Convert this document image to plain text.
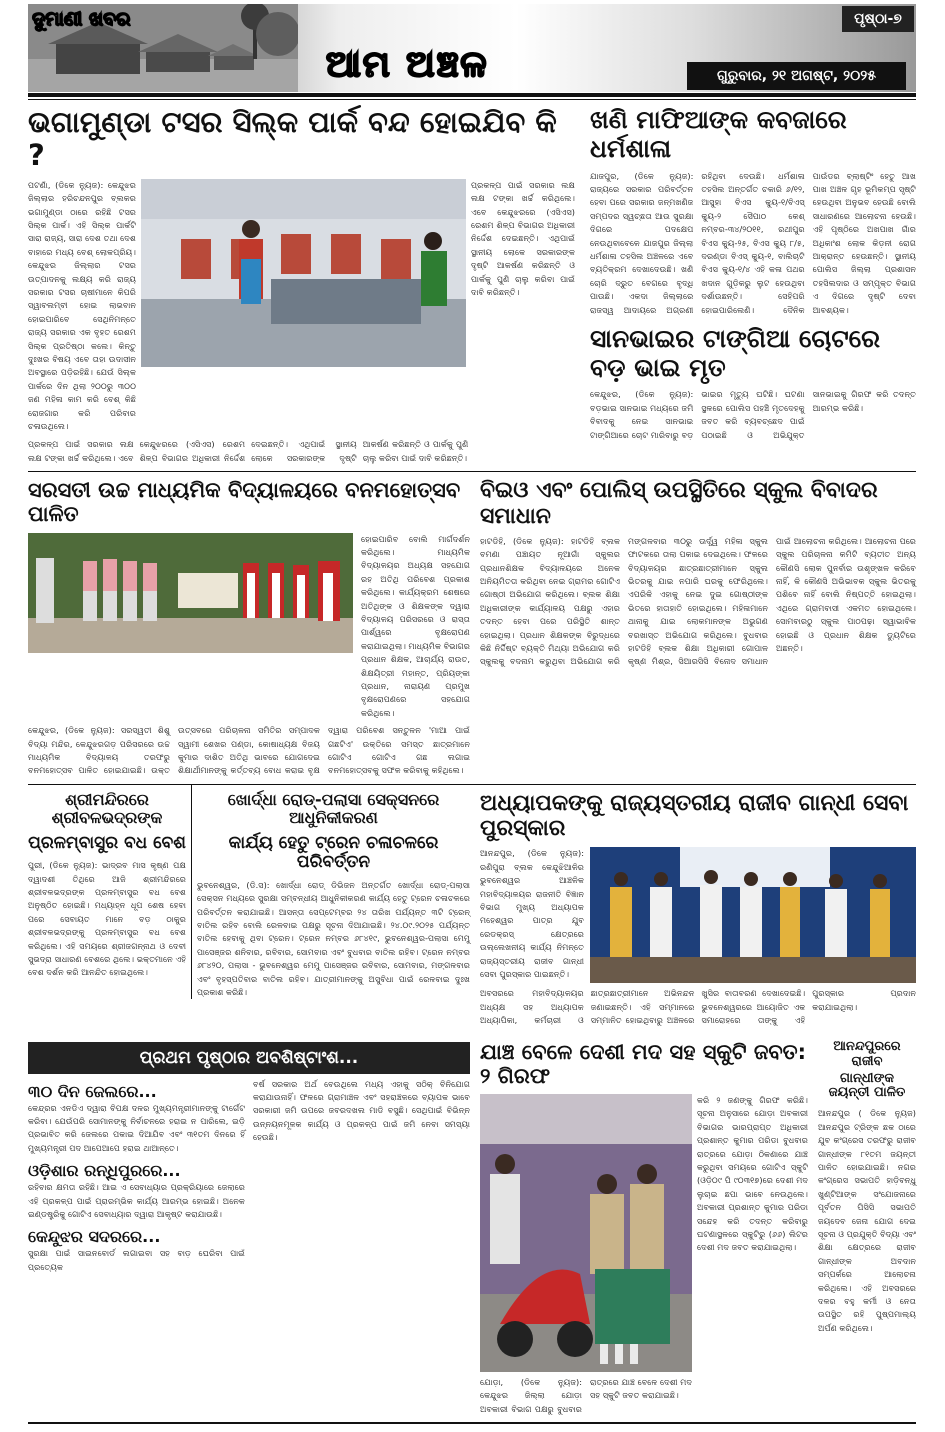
ଦୁମାଣୀ ଖବର
ଆମ ଅଞ୍ଚଳ
ପୃଷ୍ଠା-୭
ଗୁରୁବାର, ୨୧ ଅଗଷ୍ଟ, ୨୦୨୫
ଭଗାମୁଣ୍ଡା ଟସର ସିଲ୍କ ପାର୍କ ବନ୍ଦ ହୋଇଯିବ କି ?
ପଟଣାଁ, (ଡିକେ ନ୍ୟୁଜ): କେନ୍ଦୁଝର ଜିଲ୍ଲାର ହରିଚନ୍ଦନପୁର ବ୍ଲକର ଭଗାମୁଣ୍ଡା ଠାରେ ରହିଛି ଟସର ସିଲ୍କ ପାର୍କ। ଏହି ସିଲ୍କ ପାର୍କଟି ସାରା ରାଜ୍ୟ, ସାରା ଦେଶ ତଥା ଦେଶ ବାହାରେ ମଧ୍ୟ ବେଶ୍ ଲୋକପ୍ରିୟ। କେନ୍ଦୁଝର ଜିଲ୍ଲାର ଟସର ଉତ୍ପାଦନକୁ ଲକ୍ଷ୍ୟ କରି ରାଜ୍ୟ ସରକାର ଟସର ଚାଷୀମାନେ କିପରି ସ୍ୱାବଲମ୍ବୀ ହୋଇ ଲାଭବାନ ହୋଇପାରିବେ ସେଥିନିମନ୍ତେ ରାଜ୍ୟ ସରକାର ଏକ ବୃହତ ରେଶମ ସିଲ୍କ ପ୍ରତିଷ୍ଠା କଲେ। କିନ୍ତୁ ଦୁଃଖର ବିଷୟ ଏବେ ତାହା ଉଦାସୀନ ଅବସ୍ଥାରେ ପଡ଼ିରହିଛି। ଯେଉଁ ସିଲ୍କ ପାର୍କରେ ଦିନ ଥିଲା ୨୦୦ରୁ ୩୦୦ ଜଣ ମହିଳା କାମ କରି ବେଶ୍ କିଛି ରୋଜଗାର କରି ପରିବାର ଚଳାଉଥିଲେ।
ପ୍ରକଳ୍ପ ପାଇଁ ସରକାର ଲକ୍ଷ ଲକ୍ଷ ଟଙ୍କା ଖର୍ଚ୍ଚ କରିଥିଲେ। ଏବେ କେନ୍ଦୁଝରରେ (ଏସିଏସ) ରେଶମ ଶିଳ୍ପ ବିଭାଗର ଅଧିକାରୀ ନିର୍ଦ୍ଦେଶ ଦେଇଛନ୍ତି। ଏଥିପାଇଁ ସ୍ଥାନୀୟ ଲୋକେ ସରକାରଙ୍କ ଦୃଷ୍ଟି ଆକର୍ଷଣ କରିଛନ୍ତି ଓ ପାର୍କକୁ ପୁଣି ଚାଲୁ କରିବା ପାଇଁ ଦାବି କରିଛନ୍ତି।
ପ୍ରକଳ୍ପ ପାଇଁ ସରକାର ଲକ୍ଷ ଲକ୍ଷ ଟଙ୍କା ଖର୍ଚ୍ଚ କରିଥିଲେ। ଏବେ କେନ୍ଦୁଝରରେ (ଏସିଏସ) ରେଶମ ଶିଳ୍ପ ବିଭାଗର ଅଧିକାରୀ ନିର୍ଦ୍ଦେଶ ଦେଇଛନ୍ତି। ଏଥିପାଇଁ ସ୍ଥାନୀୟ ଲୋକେ ସରକାରଙ୍କ ଦୃଷ୍ଟି ଆକର୍ଷଣ କରିଛନ୍ତି ଓ ପାର୍କକୁ ପୁଣି ଚାଲୁ କରିବା ପାଇଁ ଦାବି କରିଛନ୍ତି।
ଖଣି ମାଫିଆଙ୍କ କବଜାରେ ଧର୍ମଶାଳା
ଯାଜପୁର, (ଡିକେ ନ୍ୟୁଜ): ରାଜ୍ୟରେ ସରକାର ପରିବର୍ତ୍ତନ ହେବା ପରେ ସରକାର ଜନ୍ମଖଣିଜ ସମ୍ପଦର ସ୍ୱଚ୍ଛତା ଆଉ ସୁରକ୍ଷା ଦିଗରେ ପଦକ୍ଷେପ ନେଉଥିବାବେଳେ ଯାଜପୁର ଜିଲ୍ଲା ଧର୍ମଶାଳା ତହସିଲ ଅଞ୍ଚଳରେ ଏବେ ବ୍ୟତିକ୍ରମ ଦେଖାଦେଉଛି। ଖଣି ଚୋରି ଦ୍ରୁତ ବେଗରେ ବୃଦ୍ଧି ପାଉଛି। ଏକଦା ଜିଲ୍ଲାରେ ରାଜସ୍ୱ ଆଦାୟରେ ଅଗ୍ରଣୀ ରହିଥିବା ଦେଉଛି। ଧର୍ମଶାଳା ତହସିଲ ଅନ୍ତର୍ଗତ ଚକାରି ୬/୧୨, ଆସୁହା ବିଏସ କ୍ୟୁ-୧/ବିଏସ୍ କ୍ୟୁ-୨ ସୈପାଠ କେଶ୍ ନମ୍ବର-୩୪/୨୦୧୧, ରଥୀପୁର ବିଏସ କ୍ୟୁ-୨୫, ବିଏସ କ୍ୟୁ ୮/୫, ଦରଣ୍ଡା ବିଏସ୍ କ୍ୟୁ-୧, ବାଲିଚାଟି ବିଏସ କ୍ୟୁ-୧/୪ ଏହି କଳା ପଥର ଖଦାନ ଗୁଡ଼ିକରୁ ଲୁଟ ହେଉଥିବା ଦର୍ଶାଉଛନ୍ତି। ସେହିପରି ହୋଇପାରିଲେଣି। ଦୈନିକ ପାଉଁଡର ବ୍ଲାଷ୍ଟିଂ ହେତୁ ଆଖ ପାଖ ଅଞ୍ଚଳ ଗୃହ ଭୂମିକମ୍ପ ସୃଷ୍ଟି ହେଉଥିବା ଅନୁଭବ ହେଉଛି ବୋଲି ସାଧାରଣରେ ଆଲୋଚନା ହେଉଛି। ଏହି ପୃଷ୍ଠିରେ ଅଖପାଖ ଗାଁର ଅଧିକାଂଶ ଲୋକ କିଡ଼ନୀ ରୋଗ ଆକ୍ରାନ୍ତ ହେଉଛନ୍ତି। ସ୍ଥାନୀୟ ପୋଲିସ ଜିଲ୍ଲା ପ୍ରଶାସନ ତହସିଲଦାର ଓ ସମ୍ପୃକ୍ତ ବିଭାଗ ଏ ଦିଗରେ ଦୃଷ୍ଟି ଦେବା ଆବଶ୍ୟକ।
ସାନଭାଇର ଟାଙ୍ଗିଆ ଚୋଟରେ ବଡ଼ ଭାଇ ମୃତ
କେନ୍ଦୁଝର, (ଡିକେ ନ୍ୟୁଜ): ବଡ଼ଭାଇ ସାନଭାଇ ମଧ୍ୟରେ ଜମି ବିବାଦକୁ ନେଇ ସାନଭାଇ ଟାଙ୍ଗିଆରେ ଚୋଟ ମାରିବାରୁ ବଡ଼ ଭାଇର ମୃତ୍ୟୁ ଘଟିଛି। ଘଟଣା ସ୍ଥଳରେ ପୋଲିସ ପହଞ୍ଚି ମୃତଦେହକୁ ଜବତ କରି ବ୍ୟବଚ୍ଛେଦ ପାଇଁ ପଠାଇଛି ଓ ଅଭିଯୁକ୍ତ ସାନଭାଇକୁ ଗିରଫ କରି ତଦନ୍ତ ଆରମ୍ଭ କରିଛି।
ସରସତୀ ଉଚ୍ଚ ମାଧ୍ୟମିକ ବିଦ୍ୟାଳୟରେ ବନମହୋତ୍ସବ ପାଳିତ
ହୋଇପାରିବ ବୋଲି ମାର୍ଗଦର୍ଶନ କରିଥିଲେ। ମାଧ୍ୟମିକ ବିଦ୍ୟାଳୟର ଅଧ୍ୟକ୍ଷ ସହଯୋଗ ରହ ଅତିଥି ପରିବେଶ ପ୍ରକାଶ କରିଥିଲେ। କାର୍ଯ୍ୟକ୍ରମ ଶେଷରେ ଅତିଥିଙ୍କ ଓ ଶିକ୍ଷକଙ୍କ ଦ୍ୱାରା ବିଦ୍ୟାଳୟ ପରିସରରେ ଓ ରାସ୍ତା ପାର୍ଶ୍ୱରେ ବୃକ୍ଷରୋପଣ କରାଯାଇଥିଲା। ମାଧ୍ୟମିକ ବିଭାଗର ପ୍ରଧାନ ଶିକ୍ଷକ, ଆଚାର୍ଯ୍ୟ ରାଉତ, ଶିକ୍ଷୟିତ୍ରୀ ମହାନ୍ତ, ପ୍ରିୟଙ୍କା ପ୍ରଧାନ, ନାରାୟଣ ପ୍ରମୁଖ ବୃକ୍ଷରୋପଣରେ ସହଯୋଗ କରିଥିଲେ।
କେନ୍ଦୁଝର, (ଡିକେ ନ୍ୟୁଜ): ସରସ୍ୱତୀ ଶିଶୁ ବିଦ୍ୟା ମନ୍ଦିର, କେନ୍ଦୁଝରଗଡ଼ ପରିସରରେ ଉଚ୍ଚ ମାଧ୍ୟମିକ ବିଦ୍ୟାଳୟ ତରଫରୁ ବନମହୋତ୍ସବ ପାଳିତ ହୋଇଯାଇଛି। ଉକ୍ତ ଉତ୍ସବରେ ପରିଚାଳନା ସମିତିର ସମ୍ପାଦକ ସ୍ୱାମୀ ଶେଖର ପଣ୍ଡା, କୋଷାଧ୍ୟକ୍ଷ ବିଜୟ କୁମାର ଦାଶିତ ଅତିଥି ଭାବରେ ଯୋଗଦେଇ ଶିକ୍ଷାର୍ଥୀମାନଙ୍କୁ କର୍ତ୍ତବ୍ୟ ବୋଧ କରାଇ ବୃକ୍ଷ ଦ୍ୱାରା ପରିବେଶ ସନ୍ତୁଳନ 'ମାଆ ପାଇଁ ଗଛଟିଏ' ଉକ୍ତିରେ ସମସ୍ତ ଛାତ୍ରମାନେ ଗୋଟିଏ ଗୋଟିଏ ଗଛ ଲଗାଇ ବନମହୋତ୍ସବକୁ ସଫଳ କରିବାକୁ କହିଥିଲେ।
ବିଇଓ ଏବଂ ପୋଲିସ୍ ଉପସ୍ଥିତିରେ ସ୍କୁଲ ବିବାଦର ସମାଧାନ
ହାଟଡିହି, (ଡିକେ ନ୍ୟୁଜ): ହାଟଡିହି ବ୍ଲକ ବମଣା ପଞ୍ଚାୟତ ନୂଆଗାଁ ସ୍କୁଲର ପ୍ରଧାନଶିକ୍ଷକ ବିଦ୍ୟାଳୟରେ ଅନେକ ଅନିୟମିତତା କରିଥିବା ନେଇ ଗ୍ରାମର ଗୋଟିଏ ଗୋଷ୍ଠୀ ଅଭିଯୋଗ କରିଥିଲେ। ବ୍ଲକ ଶିକ୍ଷା ଅଧିକାରୀଙ୍କ କାର୍ଯ୍ୟାଳୟ ପକ୍ଷରୁ ଏହାର ତଦନ୍ତ ହେବା ପରେ ପରିସ୍ଥିତି ଶାନ୍ତ ହୋଇଥିଲା। ପ୍ରଧାନ ଶିକ୍ଷକଙ୍କ ବିରୁଦ୍ଧରେ କିଛି ନିର୍ଦ୍ଦିଷ୍ଟ ବ୍ୟକ୍ତି ମିଥ୍ୟା ଅଭିଯୋଗ କରି ସ୍କୁଲକୁ ବଦନାମ କରୁଥିବା ଅଭିଯୋଗ କରି ମଙ୍ଗଳବାର ୩୦ରୁ ଊର୍ଦ୍ଧ୍ୱ ମହିଳା ସ୍କୁଲ ଫାଟକରେ ତାଲା ପକାଇ ଦେଇଥିଲେ। ଫଳରେ ବିଦ୍ୟାଳୟର ଛାତ୍ରଛାତ୍ରୀମାନେ ସ୍କୁଲ ଭିତରକୁ ଯାଇ ନପାରି ଘରକୁ ଫେରିଥିଲେ। ଏପରିକି ଏହାକୁ ନେଇ ଦୁଇ ଗୋଷ୍ଠୀଙ୍କ ଭିତରେ ହାତାହାତି ହୋଇଥିଲେ। ମହିଳାମାନେ ଥାନାକୁ ଯାଇ ଲୋକମାନଙ୍କ ଅଭୁଗଣ ବରଖାସ୍ତ ଅଭିଯୋଗ କରିଥିଲେ। ବୁଧବାର ହାଟଡିହି ବ୍ଲକ ଶିକ୍ଷା ଅଧିକାରୀ ଗୋପାଳ କୃଷ୍ଣ ମିଶ୍ର, ସିଆରସିସି ବିନୋଦ ସମାଧାନ ପାଇଁ ଆଲୋଚନା କରିଥିଲେ। ଆଲୋଚନା ପରେ ସ୍କୁଲ ପରିଚାଳନା କମିଟି ବ୍ୟତୀତ ଅନ୍ୟ କୌଣସି ଲୋକ ପୁନର୍ବାର ଉଶୃଙ୍ଖଳ କରିବେ ନାହିଁ, କି କୌଣସି ଅଭିଭାବକ ସ୍କୁଲ ଭିତରକୁ ପଶିବେ ନାହିଁ ବୋଲି ନିଷ୍ପତ୍ତି ହୋଇଥିଲା। ଏଥିରେ ଗ୍ରାମବାସୀ ଏକମତ ହୋଇଥିଲେ। ସୋମବାରଠୁ ସ୍କୁଲ ପାଠପଢ଼ା ସ୍ୱାଭାବିକ ହୋଇଛି ଓ ପ୍ରଧାନ ଶିକ୍ଷକ ଡ୍ୟୁଟିରେ ଅଛନ୍ତି।
ଶ୍ରୀମନ୍ଦିରରେ ଶ୍ରୀବଳଭଦ୍ରଙ୍କ
ପ୍ରଳମ୍ବାସୁର ବଧ ବେଶ
ପୁରୀ, (ଡିକେ ନ୍ୟୁଜ): ଭାଦ୍ରବ ମାସ କୃଷ୍ଣ ପକ୍ଷ ଦ୍ୱାଦଶୀ ତିଥିରେ ଆଜି ଶ୍ରୀମନ୍ଦିରରେ ଶ୍ରୀବଳଭଦ୍ରଙ୍କ ପ୍ରଳମ୍ବାସୁର ବଧ ବେଶ ଅନୁଷ୍ଠିତ ହୋଇଛି। ମଧ୍ୟାହ୍ନ ଧୂପ ଶେଷ ହେବା ପରେ ସେବାୟତ ମାନେ ବଡ଼ ଠାକୁର ଶ୍ରୀବଳଭଦ୍ରଙ୍କୁ ପ୍ରଳମ୍ବାସୁର ବଧ ବେଶ କରିଥିଲେ। ଏହି ସମୟରେ ଶ୍ରୀଜଗନ୍ନାଥ ଓ ଦେବୀ ସୁଭଦ୍ରା ସାଧାରଣ ବେଶରେ ଥିଲେ। ଭକ୍ତମାନେ ଏହି ବେଶ ଦର୍ଶନ କରି ଆନନ୍ଦିତ ହୋଇଥିଲେ।
ଖୋର୍ଦ୍ଧା ରୋଡ୍-ପଲାସା ସେକ୍ସନରେ ଆଧୁନିକୀକରଣ
କାର୍ଯ୍ୟ ହେତୁ ଟ୍ରେନ ଚଳାଚଳରେ ପରିବର୍ତ୍ତନ
ଭୁବନେଶ୍ୱର, (ଡି.ସ): ଖୋର୍ଦ୍ଧା ରୋଡ୍ ଡିଭିଜନ ଅନ୍ତର୍ଗତ ଖୋର୍ଦ୍ଧା ରୋଡ୍-ପଲାସା ସେକ୍ସନ ମଧ୍ୟରେ ସୁରକ୍ଷା ସମ୍ବନ୍ଧୀୟ ଆଧୁନିକୀକରଣ କାର୍ଯ୍ୟ ହେତୁ ଟ୍ରେନ ଚଳାଚଳରେ ପରିବର୍ତ୍ତନ କରାଯାଇଛି। ଆସନ୍ତା ସେପ୍ଟେମ୍ବର ୨୪ ତାରିଖ ପର୍ଯ୍ୟନ୍ତ ୩ଟି ଟ୍ରେନ୍ ବାତିଲ ରହିବ ବୋଲି ରେଳବାଇ ପକ୍ଷରୁ ସୂଚନା ଦିଆଯାଇଛି। ୨୪.୦୯.୨୦୨୫ ପର୍ଯ୍ୟନ୍ତ ବାତିଲ ହେବାକୁ ଥିବା ଟ୍ରେନ। ଟ୍ରେନ ନମ୍ବର ୬୮୪୧୯, ଭୁବନେଶ୍ୱର-ପଲାସା ମେମୁ ପାସେଞ୍ଜର ଶନିବାର, ରବିବାର, ସୋମବାର ଏବଂ ବୁଧବାର ବାତିଲ ରହିବ। ଟ୍ରେନ ନମ୍ବର ୬୮୪୨୦, ପଲାସା - ଭୁବନେଶ୍ୱର ମେମୁ ପାସେଞ୍ଜର ରବିବାର, ସୋମବାର, ମଙ୍ଗଳବାର ଏବଂ ବୃହସ୍ପତିବାର ବାତିଲ ରହିବ। ଯାତ୍ରୀମାନଙ୍କୁ ଅସୁବିଧା ପାଇଁ ରେଳବାଇ ଦୁଃଖ ପ୍ରକାଶ କରିଛି।
ଅଧ୍ୟାପକଙ୍କୁ ରାଜ୍ୟସ୍ତରୀୟ ରାଜୀବ ଗାନ୍ଧୀ ସେବା ପୁରସ୍କାର
ଆନନ୍ଦପୁର, (ଡିକେ ନ୍ୟୁଜ): ରଣିପୁରା ବ୍ଲକ କେନ୍ଦୁଝିଆଳିର ଭୁବନେଶ୍ୱର ଆଞ୍ଚଳିକ ମହାବିଦ୍ୟାଳୟର ରାଜନୀତି ବିଜ୍ଞାନ ବିଭାଗ ମୁଖ୍ୟ ଅଧ୍ୟାପକ ମହେଶ୍ୱର ପାତ୍ର ଯୁବ ରେଡକ୍ରସ୍ କ୍ଷେତ୍ରରେ ଉଲ୍ଲେଖନୀୟ କାର୍ଯ୍ୟ ନିମନ୍ତେ ରାଜ୍ୟସ୍ତରୀୟ ରାଜୀବ ଗାନ୍ଧୀ ସେବା ପୁରସ୍କାର ପାଇଛନ୍ତି।
ଅବସରରେ ମହାବିଦ୍ୟାଳୟର ଅଧ୍ୟକ୍ଷ ସହ ଅଧ୍ୟାପକ ଅଧ୍ୟାପିକା, କର୍ମଚାରୀ ଓ ଛାତ୍ରଛାତ୍ରୀମାନେ ଅଭିନନ୍ଦନ ଜଣାଇଛନ୍ତି। ଏହି ସମ୍ମାନରେ ସମ୍ମାନିତ ହୋଇଥିବାରୁ ଅଞ୍ଚଳରେ ଖୁସିର ବାତାବରଣ ଦେଖାଦେଇଛି। ଭୁବନେଶ୍ୱରରେ ଆୟୋଜିତ ଏକ ସମାରୋହରେ ତାଙ୍କୁ ଏହି ପୁରସ୍କାର ପ୍ରଦାନ କରାଯାଇଥିଲା।
ପ୍ରଥମ ପୃଷ୍ଠାର ଅବଶିଷ୍ଟାଂଶ...
୩୦ ଦିନ ଜେଲରେ...
କେନ୍ଦ୍ରର ଏନଡିଏ ଦ୍ୱାରା ବିପକ୍ଷ ଦଳର ମୁଖ୍ୟମନ୍ତ୍ରୀମାନଙ୍କୁ ଟାର୍ଗେଟ କରିବା। ଯେଉଁପରି ସୋମାନଙ୍କୁ ନିର୍ବାଚନରେ ହରାଇ ନ ପାରିଲେ, ଇଡ଼ି ପ୍ରଭାବିତ କରି ଜେଲରେ ପକାଇ ଦିଆଯିବ ଏବଂ ୩୧ତମ ଦିନରେ ହିଁ ମୁଖ୍ୟମନ୍ତ୍ରୀ ପଦ ଆପେଆପେ ହରାଇ ଥାଆନ୍ତେ।
ଓଡ଼ିଶାର ରନ୍ଧିପୁରରେ...
ରହିବାର କ୍ଷମତା ରହିଛି। ଆଇ ଏ ସେବାଧ୍ୟାର ପ୍ରକ୍ରିୟାରେ ଜେଲାରେ ଏହି ପ୍ରକଳ୍ପ ପାଇଁ ପ୍ରାରମ୍ଭିକ କାର୍ଯ୍ୟ ଆରମ୍ଭ ହୋଇଛି। ଅନେକ ଇଣ୍ଡଷ୍ଟ୍ରିକୁ ଗୋଟିଏ ସେବାଧ୍ୟାର ଦ୍ୱାରା ଆକୃଷ୍ଟ କରାଯାଉଛି।
କେନ୍ଦୁଝର ସଦରରେ...
ସୁରକ୍ଷା ପାଇଁ ସାଇନବୋର୍ଡ ଲଗାଇବା ସହ ବାଡ଼ ଘେରିବା ପାଇଁ ପ୍ରତ୍ୟେକ
ବର୍ଷ ସରକାର ଅର୍ଥ ବେଉଥିଲେ ମଧ୍ୟ ଏହାକୁ ସଠିକ୍ ବିନିଯୋଗ କରାଯାଉନାହିଁ। ଫଳରେ ଗ୍ରାମାଞ୍ଚଳ ଏବଂ ସହରାଞ୍ଚଳରେ ବ୍ୟାପକ ଭାବେ ସରକାରୀ ଜମି ଉପରେ ଜବରଦଖଲ ମାଡି ବସୁଛି। ସେଥିପାଇଁ ବିଭିନ୍ନ ଉନ୍ନୟନମୂଳକ କାର୍ଯ୍ୟ ଓ ପ୍ରକଳ୍ପ ପାଇଁ ଜମି ନେବା ସମସ୍ୟା ହେଉଛି।
ଯାଞ୍ଚ ବେଳେ ଦେଶୀ ମଦ ସହ ସ୍କୁଟି ଜବତ: ୨ ଗିରଫ
ଯୋଡ଼ା, (ଡିକେ ନ୍ୟୁଜ): କେନ୍ଦୁଝର ଜିଲ୍ଲା ଯୋଡ଼ା ଅବକାରୀ ବିଭାଗ ପକ୍ଷରୁ ବୁଧବାର ରାତ୍ରରେ ଯାଞ୍ଚ ବେଳେ ଦେଶୀ ମଦ ସହ ସ୍କୁଟି ଜବତ କରାଯାଇଛି।
କରି ୨ ଜଣଙ୍କୁ ଗିରଫ କରିଛି। ସୂଚନା ଅନୁସାରେ ଯୋଡ଼ା ଅବକାରୀ ବିଭାଗର ଭାରପ୍ରାପ୍ତ ଅଧିକାରୀ ପ୍ରଶାନ୍ତ କୁମାର ପରିଡା ବୁଧବାର ରାତ୍ରରେ ଯୋଡ଼ା ଠିକଣାରେ ଯାଞ୍ଚ କରୁଥିବା ସମୟରେ ଗୋଟିଏ ସ୍କୁଟି (ଓଡ଼ି୦୯ ପି ୯୦୩୧୭)ରେ ଦେଶୀ ମଦ ଲୁଚାଇ ଛପା ଭାବେ ନେଉଥିଲେ। ଅବକାରୀ ପ୍ରଶାନ୍ତ କୁମାର ପରିଡା ସନ୍ଦେହ କରି ତଦନ୍ତ କରିବାରୁ ଘଟଣାସ୍ଥଳରେ ସ୍କୁଟିରୁ (୬୬) ଲିଟର ଦେଶୀ ମଦ ଜବତ କରାଯାଇଥିଲା।
ଆନନ୍ଦପୁରରେ ରାଜୀବ
ଗାନ୍ଧୀଙ୍କ ଜୟନ୍ତୀ ପାଳିତ
ଆନନ୍ଦପୁର ( ଡିକେ ନ୍ୟୁଜ) ଆନନ୍ଦପୁର ଟ୍ରିଙ୍କ ଛକ ଠାରେ ଯୁବ କଂଗ୍ରେସ ତରଫରୁ ରାଜୀବ ଗାନ୍ଧୀଙ୍କ ୮୧ତମ ଜୟନ୍ତୀ ପାଳିତ ହୋଇଯାଇଛି। ନଗର କଂଗ୍ରେସ ସଭାପତି ହାଡ଼ିବନ୍ଧୁ ଖୁଣ୍ଟିଆଙ୍କ ସଂଯୋଜନାରେ ପୂର୍ବତନ ପିସିସି ସଭାପତି ଜୟଦେବ ଜେନା ଯୋଗ ଦେଇ ସୂଚନା ଓ ପ୍ରଯୁକ୍ତି ବିଦ୍ୟା ଏବଂ ଶିକ୍ଷା କ୍ଷେତ୍ରରେ ରାଜୀବ ଗାନ୍ଧୀଙ୍କ ଅବଦାନ ସମ୍ପର୍କରେ ଆଲୋଚନା କରିଥିଲେ। ଏହି ଅବସରରେ ଦଳର ବହୁ କର୍ମୀ ଓ ନେତା ଉପସ୍ଥିତ ରହି ପୁଷ୍ପମାଲ୍ୟ ଅର୍ପଣ କରିଥିଲେ।
